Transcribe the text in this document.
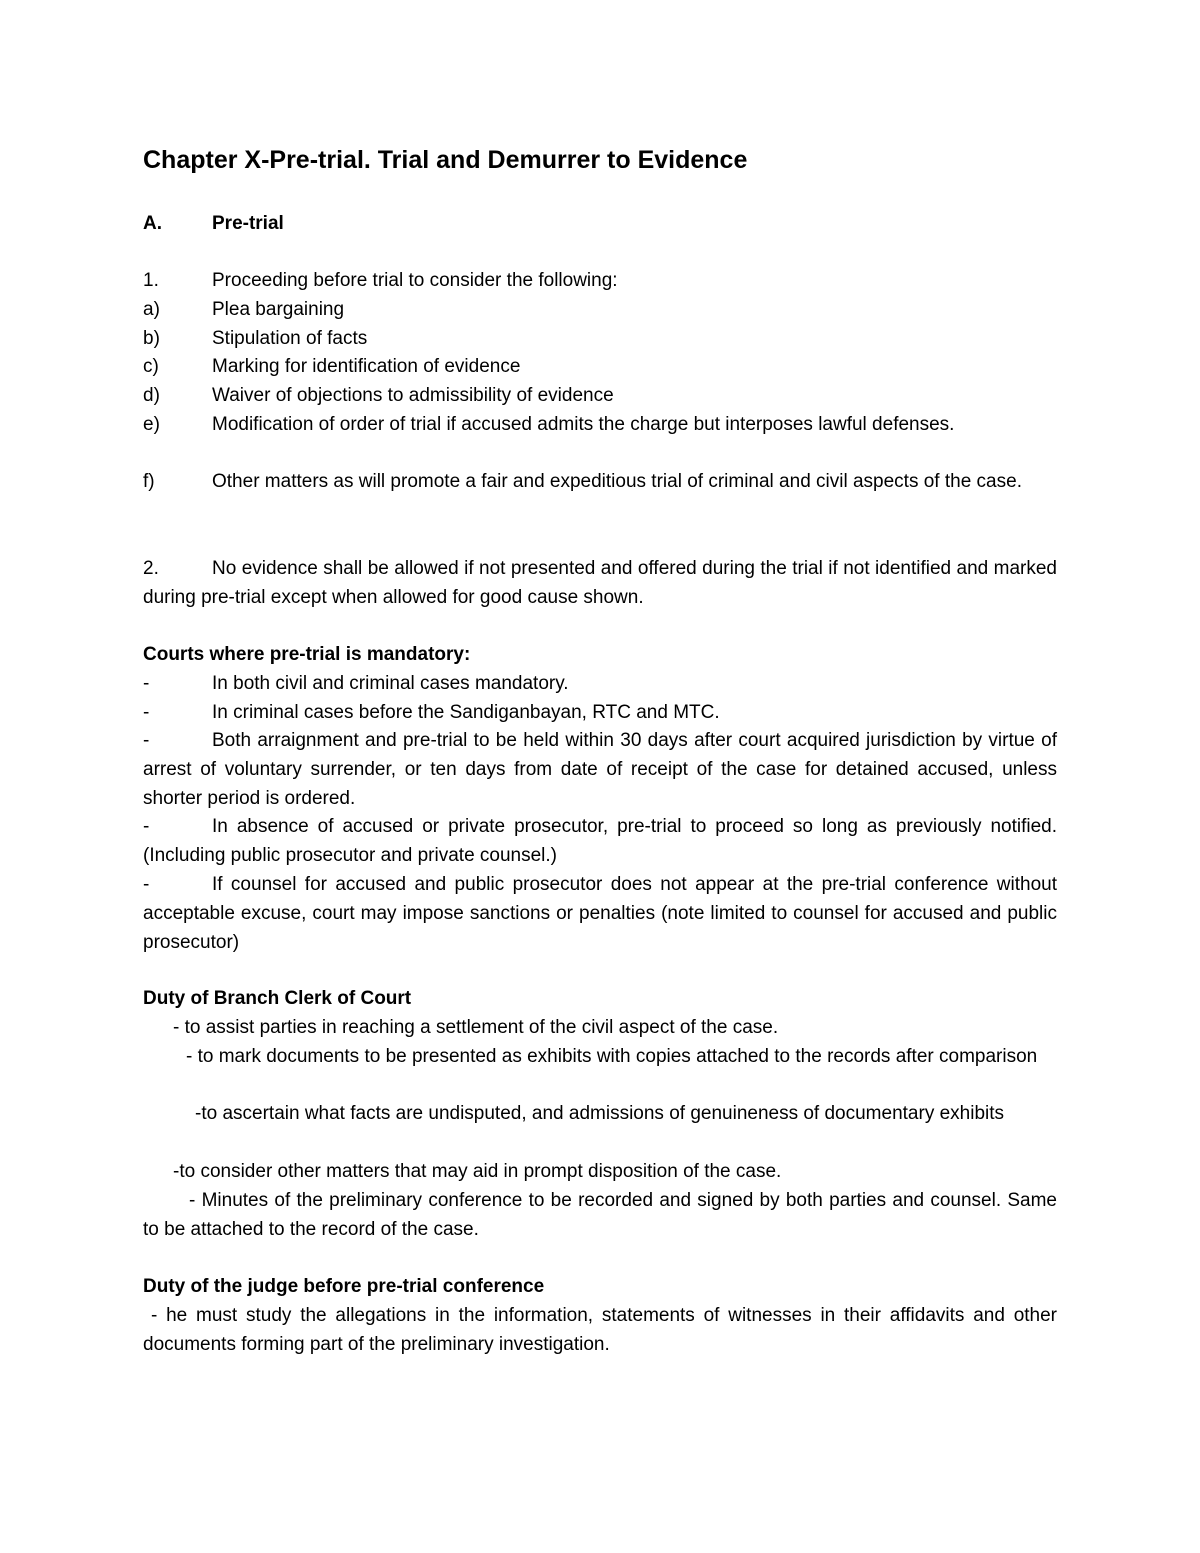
Chapter X-Pre-trial. Trial and Demurrer to Evidence
A.	Pre-trial
1.	Proceeding before trial to consider the following:
a)	Plea bargaining
b)	Stipulation of facts
c)	Marking for identification of evidence
d)	Waiver of objections to admissibility of evidence
e)	Modification of order of trial if accused admits the charge but interposes lawful defenses.
f)	Other matters as will promote a fair and expeditious trial of criminal and civil aspects of the case.
2.	No evidence shall be allowed if not presented and offered during the trial if not identified and marked during pre-trial except when allowed for good cause shown.
Courts where pre-trial is mandatory:
-	In both civil and criminal cases mandatory.
-	In criminal cases before the Sandiganbayan, RTC and MTC.
-	Both arraignment and pre-trial to be held within 30 days after court acquired jurisdiction by virtue of arrest of voluntary surrender, or ten days from date of receipt of the case for detained accused, unless shorter period is ordered.
-	In absence of accused or private prosecutor, pre-trial to proceed so long as previously notified. (Including public prosecutor and private counsel.)
-	If counsel for accused and public prosecutor does not appear at the pre-trial conference without acceptable excuse, court may impose sanctions or penalties (note limited to counsel for accused and public prosecutor)
Duty of Branch Clerk of Court
- to assist parties in reaching a settlement of the civil aspect of the case.
- to mark documents to be presented as exhibits with copies attached to the records after comparison
-to ascertain what facts are undisputed, and admissions of genuineness of documentary exhibits
-to consider other matters that may aid in prompt disposition of the case.
- Minutes of the preliminary conference to be recorded and signed by both parties and counsel. Same to be attached to the record of the case.
Duty of the judge before pre-trial conference
- he must study the allegations in the information, statements of witnesses in their affidavits and other documents forming part of the preliminary investigation.
